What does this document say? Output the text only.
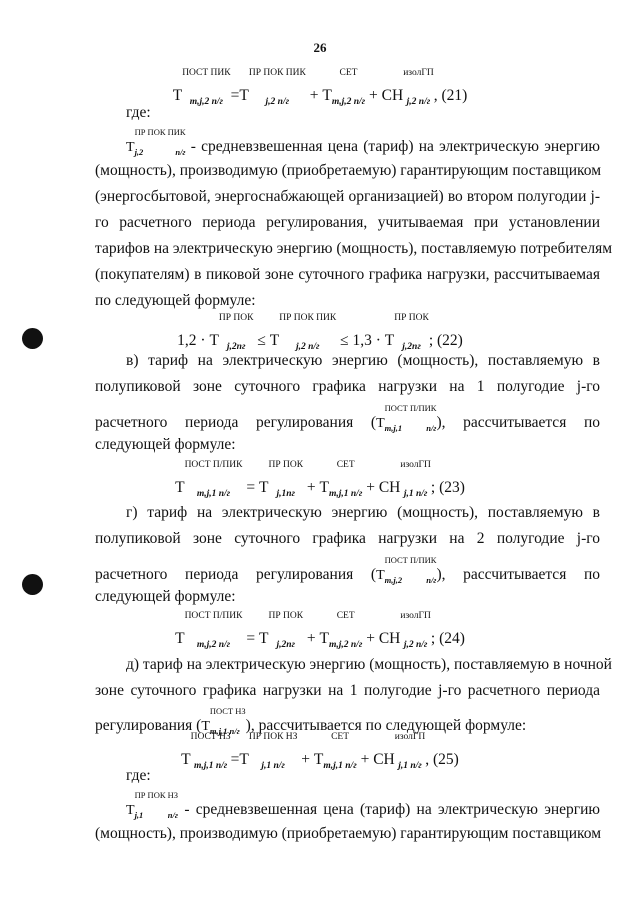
26
$Т^{ПОСТ ПИК}$
$_{m,j,2 п/г} =Т^{ПР ПОК ПИК}$
$_{j,2 п/г} + Т^{СЕТ}$
$_{m,j,2 п/г} + СН^{изолГП}$
$_{j,2 п/г}$ , (21)
где:
$Т^{ПР ПОК ПИК}$
$_{j,2 п/г}$ - средневзвешенная цена (тариф) на электрическую энергию
(мощность), производимую (приобретаемую) гарантирующим поставщиком
(энергосбытовой, энергоснабжающей организацией) во втором полугодии j-
го расчетного периода регулирования, учитываемая при установлении
тарифов на электрическую энергию (мощность), поставляемую потребителям
(покупателям) в пиковой зоне суточного графика нагрузки, рассчитываемая
по следующей формуле:
$1,2 \cdot Т^{ПР ПОК}$
$_{j,2пг} \le Т^{ПР ПОК ПИК}$
$_{j,2 п/г} \le 1,3 \cdot Т^{ПР ПОК}$
$_{j,2пг}$ ; (22)
в) тариф на электрическую энергию (мощность), поставляемую в
полупиковой зоне суточного графика нагрузки на 1 полугодие j-го
расчетного периода регулирования ($Т^{ПОСТ П/ПИК}$
$_{m,j,1 п/г}$), рассчитывается по
следующей формуле:
$Т^{ПОСТ П/ПИК}$
$_{m,j,1 п/г} = Т^{ПР ПОК}$
$_{j,1пг} + Т^{СЕТ}$
$_{m,j,1 п/г} + СН^{изолГП}$
$_{j,1 п/г}$ ; (23)
г) тариф на электрическую энергию (мощность), поставляемую в
полупиковой зоне суточного графика нагрузки на 2 полугодие j-го
расчетного периода регулирования ($Т^{ПОСТ П/ПИК}$
$_{m,j,2 п/г}$), рассчитывается по
следующей формуле:
$Т^{ПОСТ П/ПИК}$
$_{m,j,2 п/г} = Т^{ПР ПОК}$
$_{j,2пг} + Т^{СЕТ}$
$_{m,j,2 п/г} + СН^{изолГП}$
$_{j,2 п/г}$ ; (24)
д) тариф на электрическую энергию (мощность), поставляемую в ночной
зоне суточного графика нагрузки на 1 полугодие j-го расчетного периода
регулирования ($Т^{ПОСТ НЗ}$
$_{m,j,1 п/г}$ ), рассчитывается по следующей формуле:
$Т^{ПОСТ НЗ}$
$_{m,j,1 п/г} =Т^{ПР ПОК НЗ}$
$_{j,1 п/г} + Т^{СЕТ}$
$_{m,j,1 п/г} + СН^{изолГП}$
$_{j,1 п/г}$ , (25)
где:
$Т^{ПР ПОК НЗ}$
$_{j,1 п/г}$ - средневзвешенная цена (тариф) на электрическую энергию
(мощность), производимую (приобретаемую) гарантирующим поставщиком
